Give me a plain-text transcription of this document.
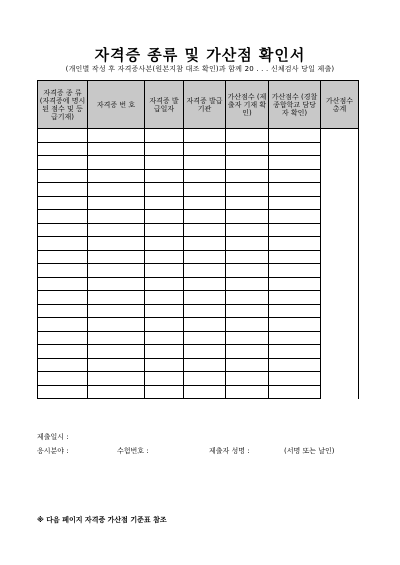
자격증 종류 및 가산점 확인서
(개인별 작성 후 자격증사본(원본지참 대조 확인)과 함께 20 . . . 신체검사 당일 제출)
자격증 종 류 (자격증에 명시된 점수 및 등급기재)	자격증 번 호	자격증 발급일자	자격증 발급기관	가산점수 (제출자 기재 확인)	가산점수 (경찰종합학교 담당자 확인)	가산점수 총계

제출일시 :
응시분야 :	수험번호 :	제출자 성명 :	(서명 또는 날인)
※ 다음 페이지 자격증 가산점 기준표 참조
